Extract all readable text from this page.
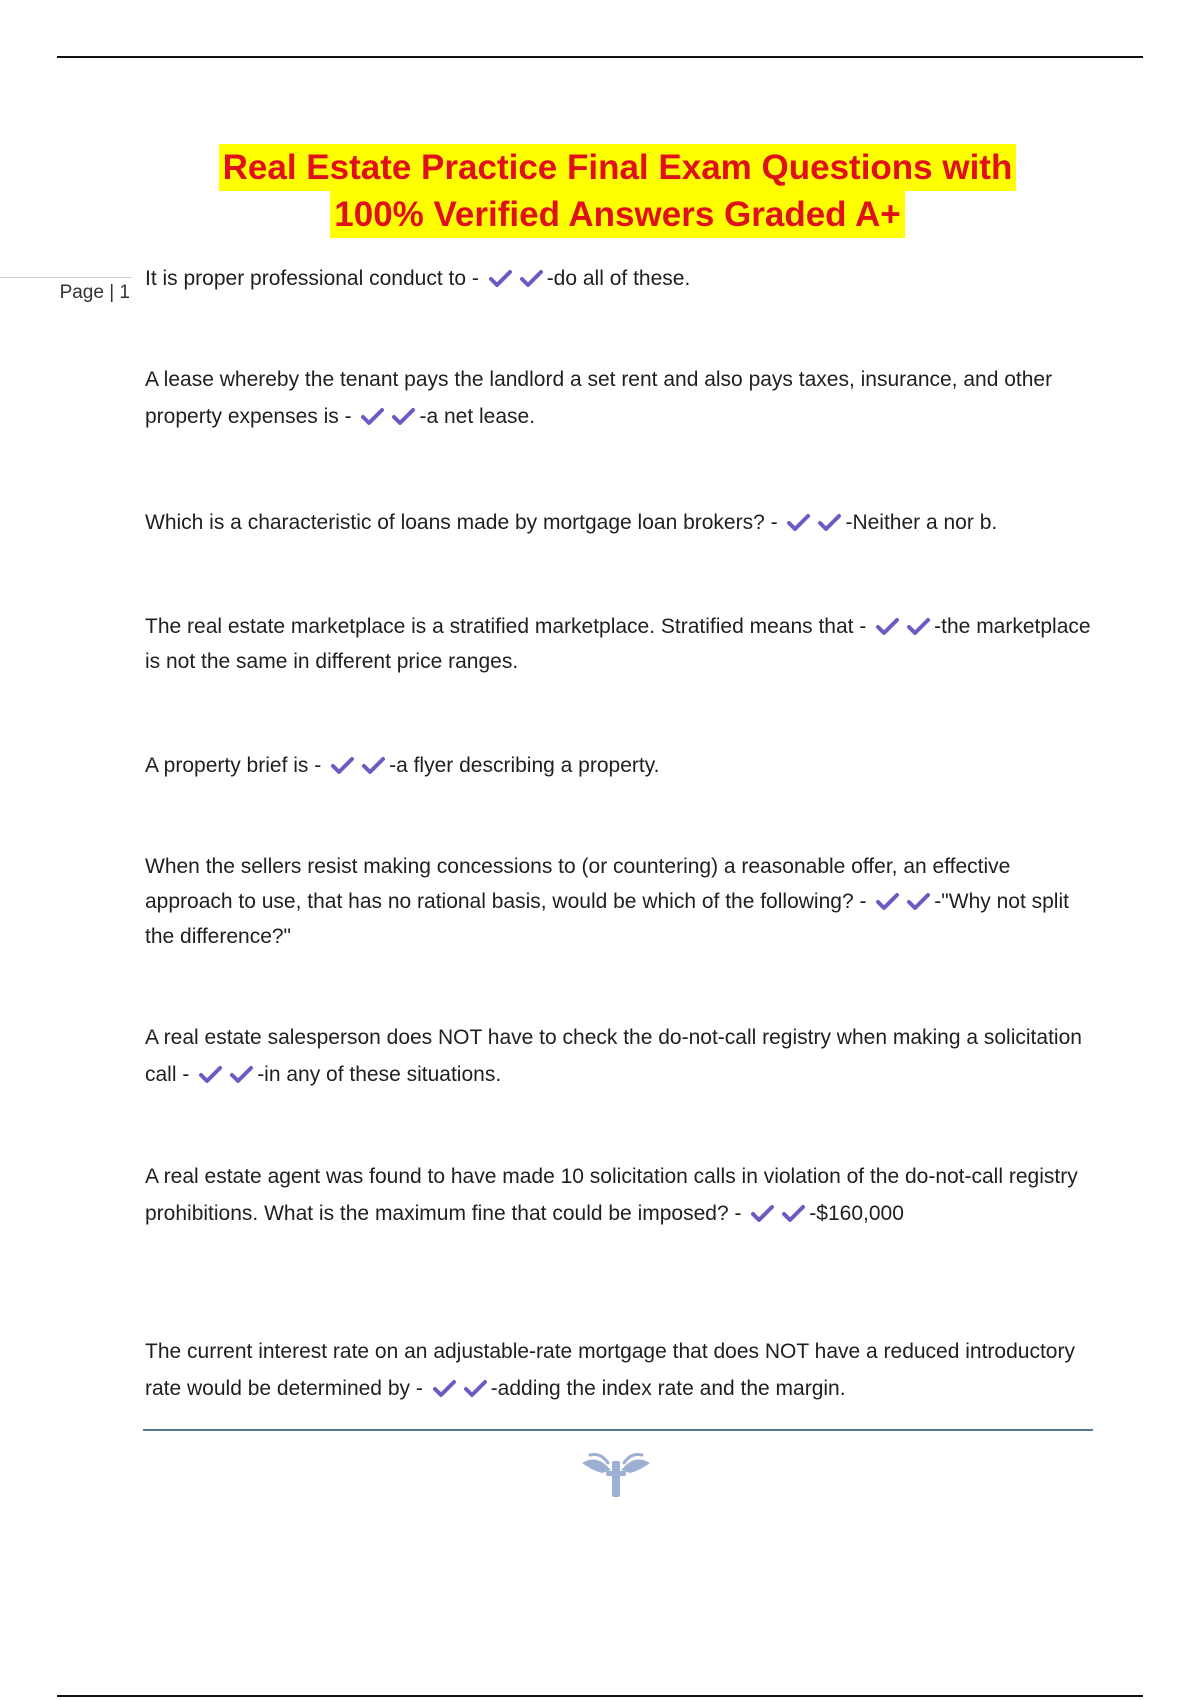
Real Estate Practice Final Exam Questions with
100% Verified Answers Graded A+
Page | 1
It is proper professional conduct to -	-do all of these.
A lease whereby the tenant pays the landlord a set rent and also pays taxes, insurance, and other property expenses is -	-a net lease.
Which is a characteristic of loans made by mortgage loan brokers? -	-Neither a nor b.
The real estate marketplace is a stratified marketplace. Stratified means that -	-the marketplace is not the same in different price ranges.
A property brief is -	-a flyer describing a property.
When the sellers resist making concessions to (or countering) a reasonable offer, an effective approach to use, that has no rational basis, would be which of the following? -	-"Why not split the difference?"
A real estate salesperson does NOT have to check the do-not-call registry when making a solicitation call -	-in any of these situations.
A real estate agent was found to have made 10 solicitation calls in violation of the do-not-call registry prohibitions. What is the maximum fine that could be imposed? -	-$160,000
The current interest rate on an adjustable-rate mortgage that does NOT have a reduced introductory rate would be determined by -	-adding the index rate and the margin.
